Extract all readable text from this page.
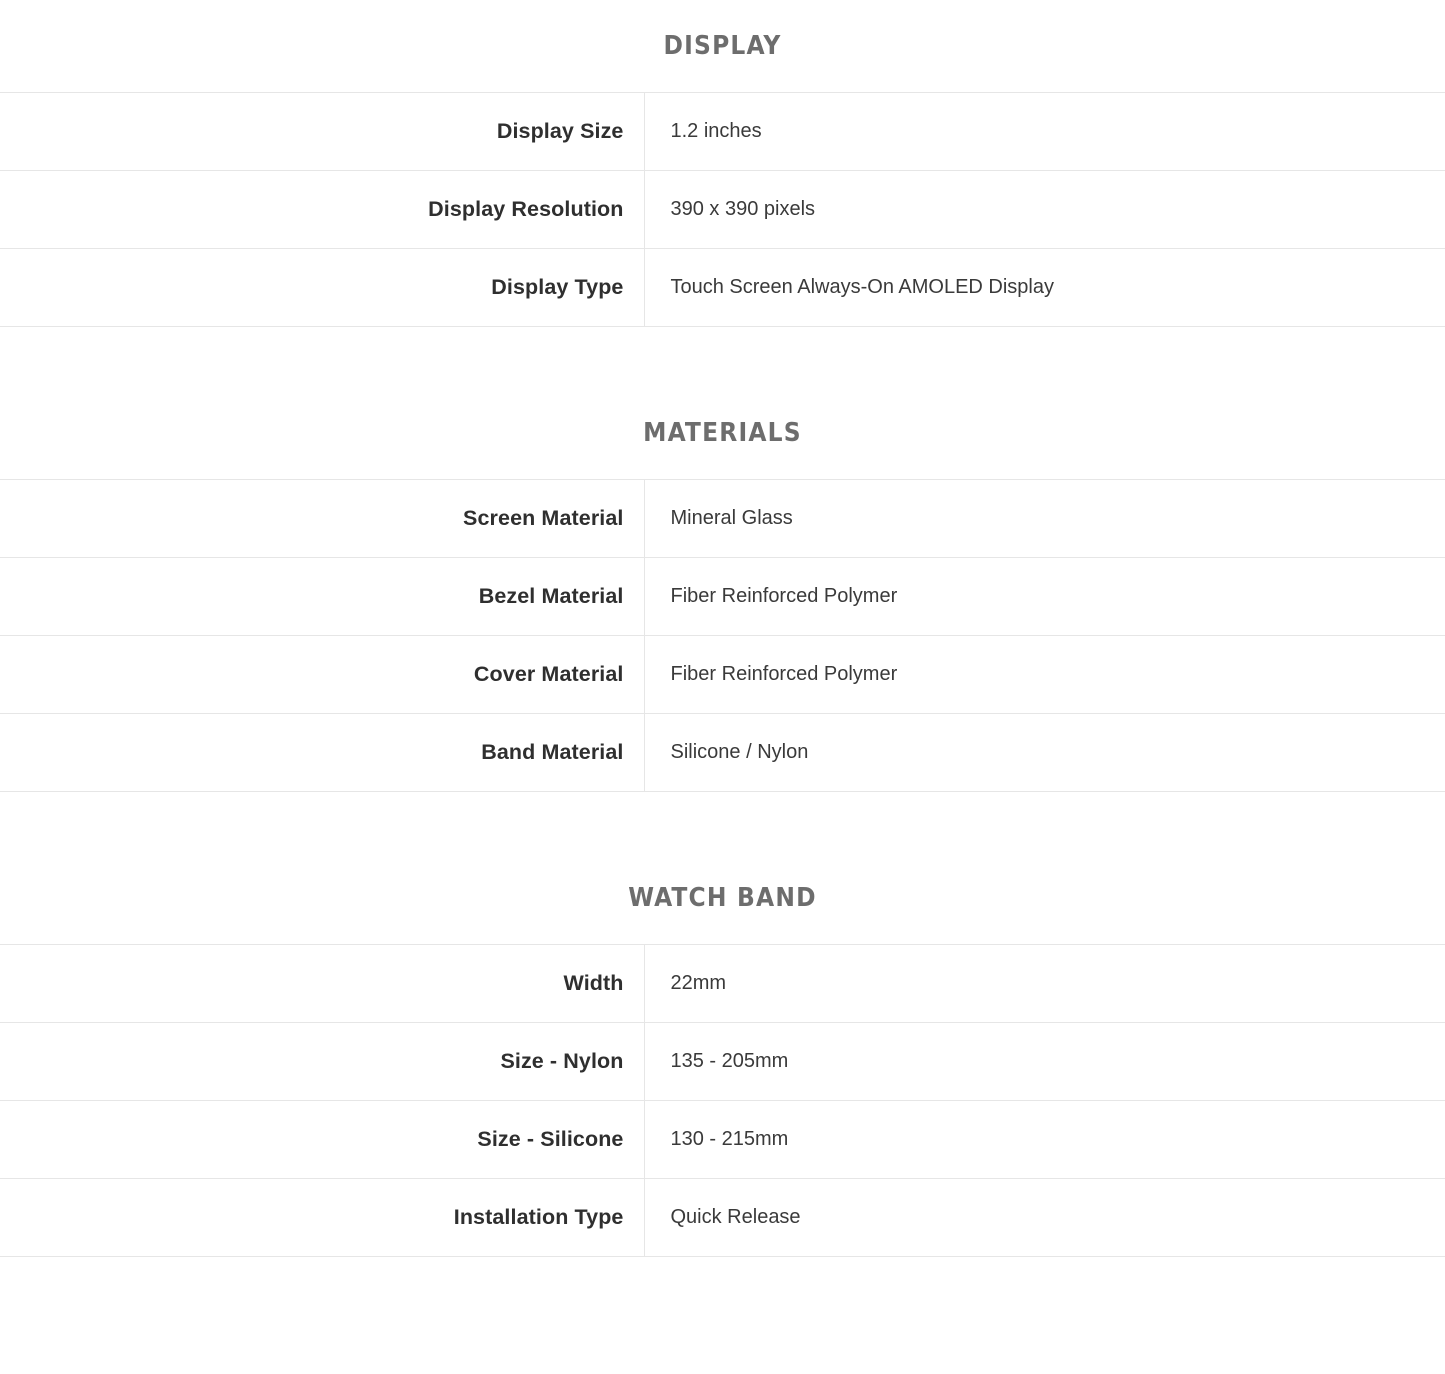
DISPLAY
	Display Size	1.2 inches
	Display Resolution	390 x 390 pixels
	Display Type	Touch Screen Always-On AMOLED Display
MATERIALS
	Screen Material	Mineral Glass
	Bezel Material	Fiber Reinforced Polymer
	Cover Material	Fiber Reinforced Polymer
	Band Material	Silicone / Nylon
WATCH BAND
	Width	22mm
	Size - Nylon	135 - 205mm
	Size - Silicone	130 - 215mm
	Installation Type	Quick Release
